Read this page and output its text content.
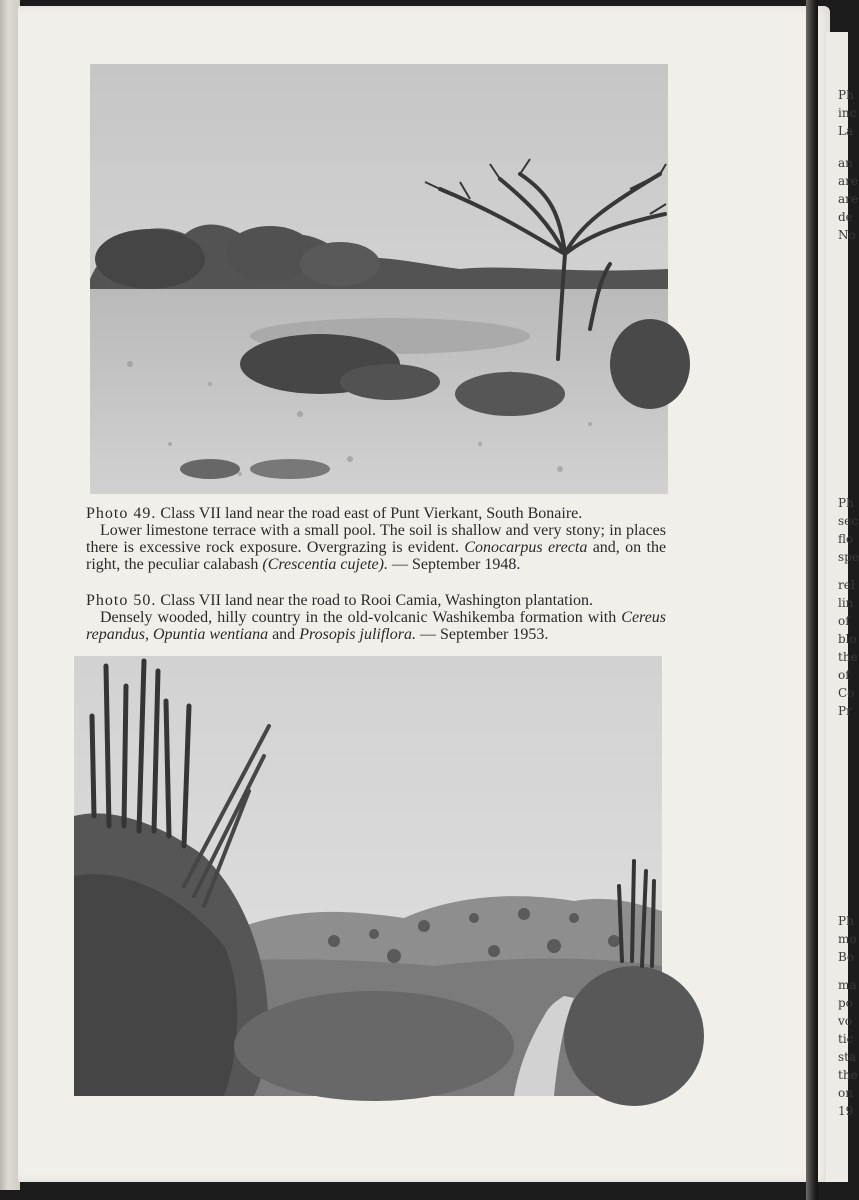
Photo 49. Class VII land near the road east of Punt Vierkant, South Bonaire.

Lower limestone terrace with a small pool. The soil is shallow and very stony; in places there is excessive rock exposure. Overgrazing is evident. Conocarpus erecta and, on the right, the peculiar calabash (Crescentia cujete). — September 1948.

Photo 50. Class VII land near the road to Rooi Camia, Washington plantation.

Densely wooded, hilly country in the old-volcanic Washikemba formation with Cereus repandus, Opuntia wentiana and Prosopis juliflora. — September 1953.

Ph
inc
La
an
are
are
de
No
Ph
sec
flo
spe
rel
lin
of
blo
the
of
Co
Pr
Ph
mo
Bo
ma
po
vo
tic
sta
the
on
19
